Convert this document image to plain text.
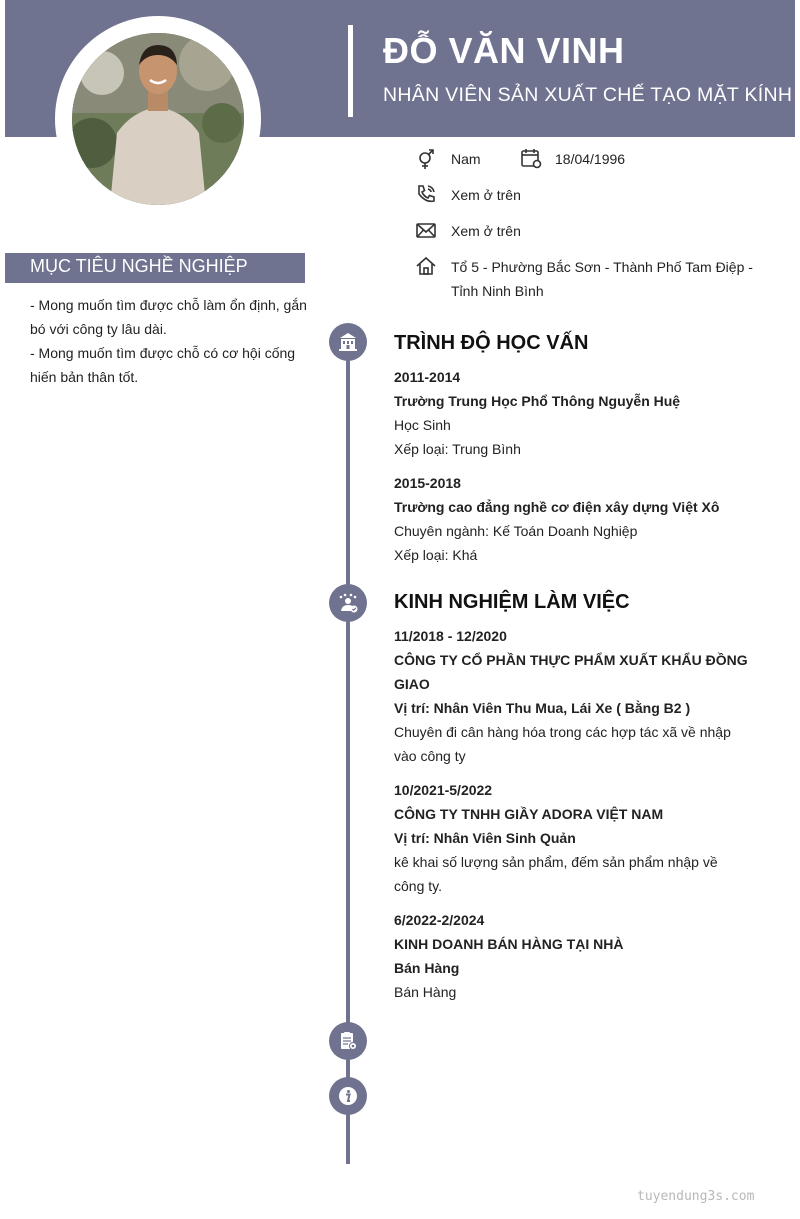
ĐỖ VĂN VINH
NHÂN VIÊN SẢN XUẤT CHẾ TẠO MẶT KÍNH
Nam	18/04/1996
Xem ở trên
Xem ở trên
Tổ 5 - Phường Bắc Sơn - Thành Phố Tam Điệp -
Tỉnh Ninh Bình
MỤC TIÊU NGHỀ NGHIỆP
- Mong muốn tìm được chỗ làm ổn định, gắn
bó với công ty lâu dài.
- Mong muốn tìm được chỗ có cơ hội cống
hiến bản thân tốt.
TRÌNH ĐỘ HỌC VẤN
2011-2014
Trường Trung Học Phổ Thông Nguyễn Huệ
Học Sinh
Xếp loại: Trung Bình
2015-2018
Trường cao đẳng nghề cơ điện xây dựng Việt Xô
Chuyên ngành: Kế Toán Doanh Nghiệp
Xếp loại: Khá
KINH NGHIỆM LÀM VIỆC
11/2018 - 12/2020
CÔNG TY CỔ PHẦN THỰC PHẨM XUẤT KHẨU ĐỒNG
GIAO
Vị trí: Nhân Viên Thu Mua, Lái Xe ( Bằng B2 )
Chuyên đi cân hàng hóa trong các hợp tác xã về nhập
vào công ty
10/2021-5/2022
CÔNG TY TNHH GIẦY ADORA VIỆT NAM
Vị trí: Nhân Viên Sinh Quản
kê khai số lượng sản phẩm, đếm sản phẩm nhập về
công ty.
6/2022-2/2024
KINH DOANH BÁN HÀNG TẠI NHÀ
Bán Hàng
Bán Hàng
tuyendung3s.com
